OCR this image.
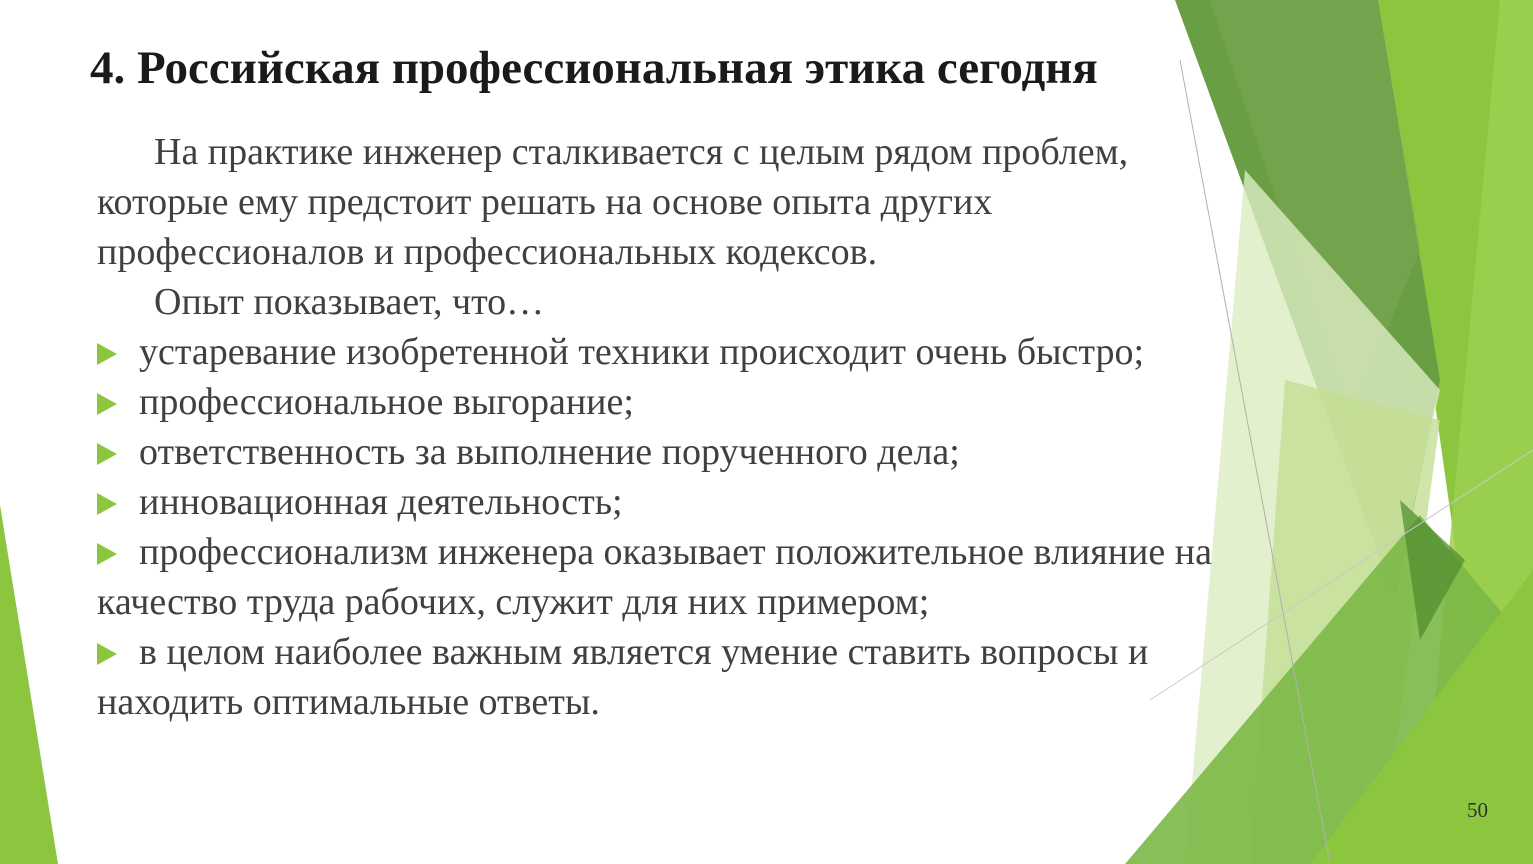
4. Российская профессиональная этика сегодня

На практике инженер сталкивается с целым рядом проблем, которые ему предстоит решать на основе опыта других профессионалов и профессиональных кодексов.

Опыт показывает, что…

устаревание изобретенной техники происходит очень быстро;
профессиональное выгорание;
ответственность за выполнение порученного дела;
инновационная деятельность;
профессионализм инженера оказывает положительное влияние на качество труда рабочих, служит для них примером;
в целом наиболее важным является умение ставить вопросы и находить оптимальные ответы.
50
